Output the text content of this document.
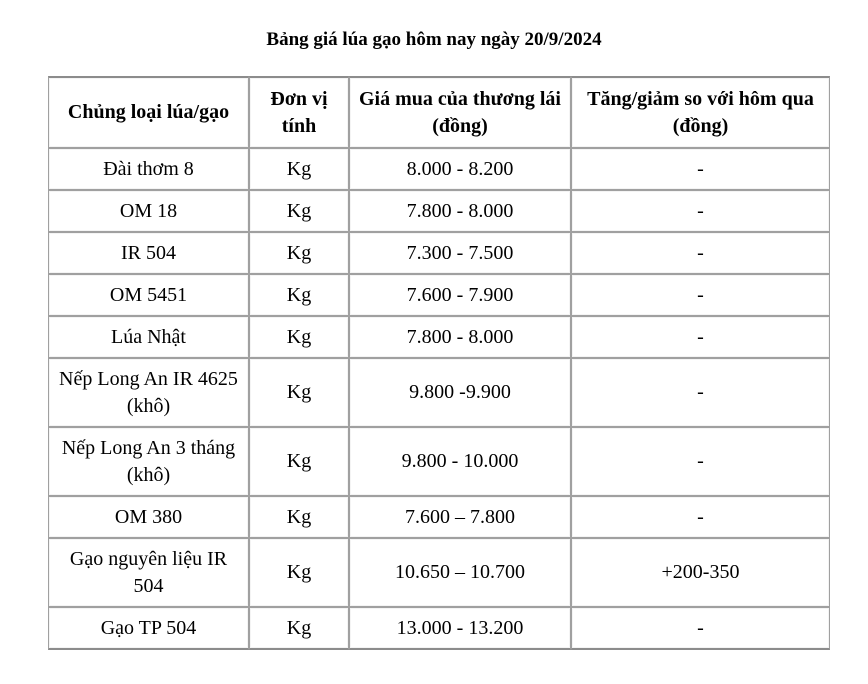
Bảng giá lúa gạo hôm nay ngày 20/9/2024
Chủng loại lúa/gạo	Đơn vị tính	Giá mua của thương lái (đồng)	Tăng/giảm so với hôm qua (đồng)
Đài thơm 8	Kg	8.000 - 8.200	-
OM 18	Kg	7.800 - 8.000	-
IR 504	Kg	7.300 - 7.500	-
OM 5451	Kg	7.600 - 7.900	-
Lúa Nhật	Kg	7.800 - 8.000	-
Nếp Long An IR 4625 (khô)	Kg	9.800 -9.900	-
Nếp Long An 3 tháng (khô)	Kg	9.800 - 10.000	-
OM 380	Kg	7.600 – 7.800	-
Gạo nguyên liệu IR 504	Kg	10.650 – 10.700	+200-350
Gạo TP 504	Kg	13.000 - 13.200	-
